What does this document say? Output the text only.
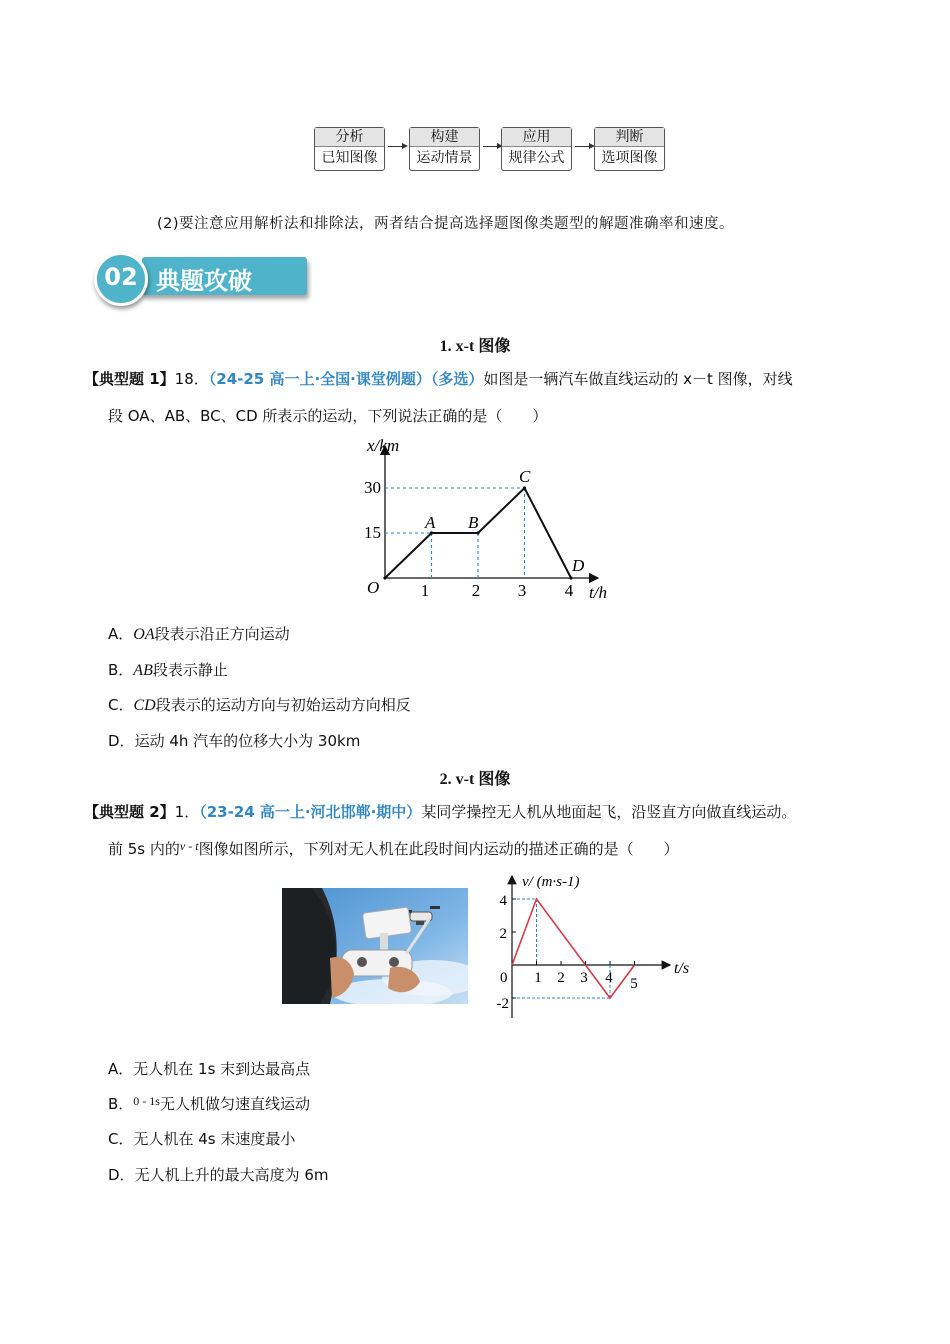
分析
已知图像
构建
运动情景
应用
规律公式
判断
选项图像
(2)要注意应用解析法和排除法，两者结合提高选择题图像类题型的解题准确率和速度。
典题攻破
02
1. x-t 图像
【典型题 1】18．（24-25 高一上·全国·课堂例题）（多选）如图是一辆汽车做直线运动的 x－t 图像，对线
段 OA、AB、BC、CD 所表示的运动，下列说法正确的是（　　）
x/km
t/h
O 1	2 3 4
15
30
A B
C
D
A．OA段表示沿正方向运动
B．AB段表示静止
C．CD段表示的运动方向与初始运动方向相反
D．运动 4h 汽车的位移大小为 30km
2. v-t 图像
【典型题 2】1．（23-24 高一上·河北邯郸·期中）某同学操控无人机从地面起飞，沿竖直方向做直线运动。
前 5s 内的$^{v - t}$图像如图所示，下列对无人机在此段时间内运动的描述正确的是（　　）
v/ (m·s-1)
t/s
0 1 2 3 4 5
4
2
-2
A．无人机在 1s 末到达最高点
B．$^{0 - 1s}$无人机做匀速直线运动
C．无人机在 4s 末速度最小
D．无人机上升的最大高度为 6m
